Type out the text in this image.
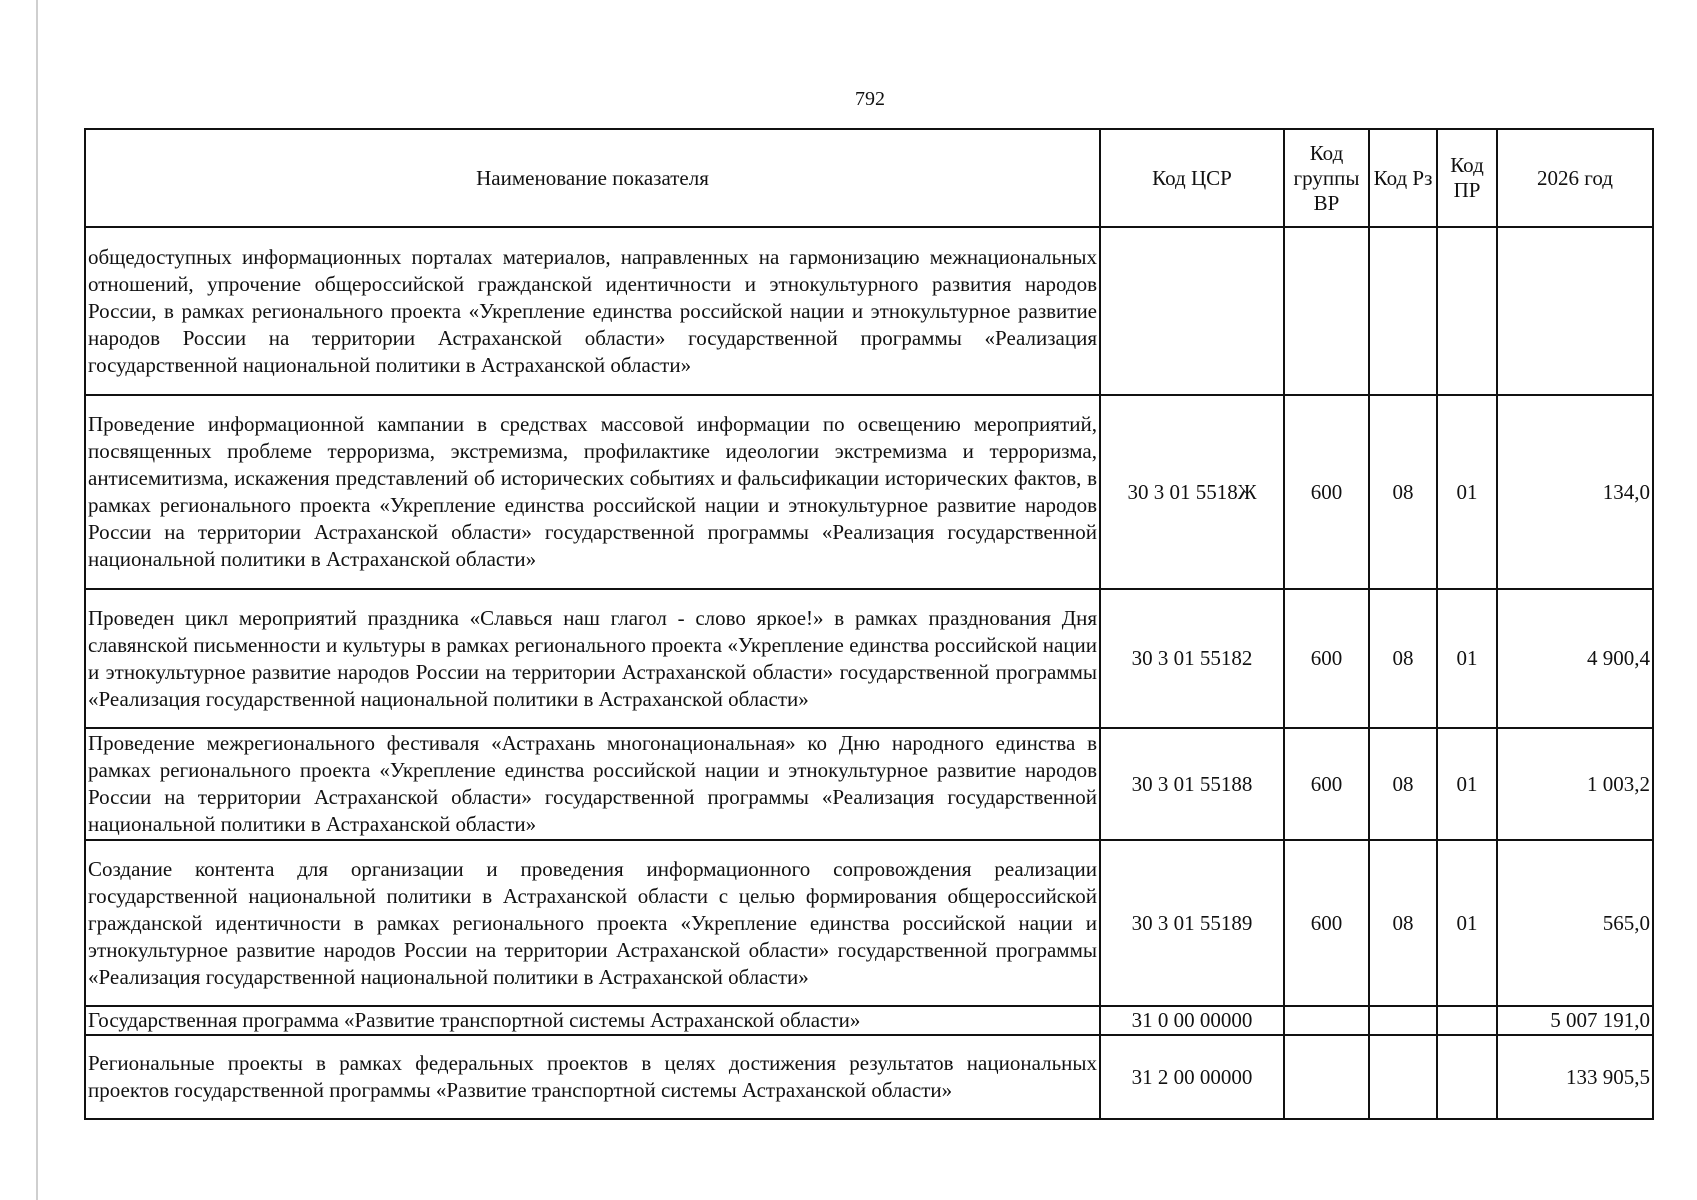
792
Наименование показателя	Код ЦСР	Код группы ВР	Код Рз	Код ПР	2026 год
общедоступных информационных порталах материалов, направленных на гармонизацию межнациональных отношений, упрочение общероссийской гражданской идентичности и этнокультурного развития народов России, в рамках регионального проекта «Укрепление единства российской нации и этнокультурное развитие народов России на территории Астраханской области» государственной программы «Реализация государственной национальной политики в Астраханской области»					
Проведение информационной кампании в средствах массовой информации по освещению мероприятий, посвященных проблеме терроризма, экстремизма, профилактике идеологии экстремизма и терроризма, антисемитизма, искажения представлений об исторических событиях и фальсификации исторических фактов, в рамках регионального проекта «Укрепление единства российской нации и этнокультурное развитие народов России на территории Астраханской области» государственной программы «Реализация государственной национальной политики в Астраханской области»	30 3 01 5518Ж	600	08	01	134,0
Проведен цикл мероприятий праздника «Славься наш глагол - слово яркое!» в рамках празднования Дня славянской письменности и культуры в рамках регионального проекта «Укрепление единства российской нации и этнокультурное развитие народов России на территории Астраханской области» государственной программы «Реализация государственной национальной политики в Астраханской области»	30 3 01 55182	600	08	01	4 900,4
Проведение межрегионального фестиваля «Астрахань многонациональная» ко Дню народного единства в рамках регионального проекта «Укрепление единства российской нации и этнокультурное развитие народов России на территории Астраханской области» государственной программы «Реализация государственной национальной политики в Астраханской области»	30 3 01 55188	600	08	01	1 003,2
Создание контента для организации и проведения информационного сопровождения реализации государственной национальной политики в Астраханской области с целью формирования общероссийской гражданской идентичности в рамках регионального проекта «Укрепление единства российской нации и этнокультурное развитие народов России на территории Астраханской области» государственной программы «Реализация государственной национальной политики в Астраханской области»	30 3 01 55189	600	08	01	565,0
Государственная программа «Развитие транспортной системы Астраханской области»	31 0 00 00000				5 007 191,0
Региональные проекты в рамках федеральных проектов в целях достижения результатов национальных проектов государственной программы «Развитие транспортной системы Астраханской области»	31 2 00 00000				133 905,5
